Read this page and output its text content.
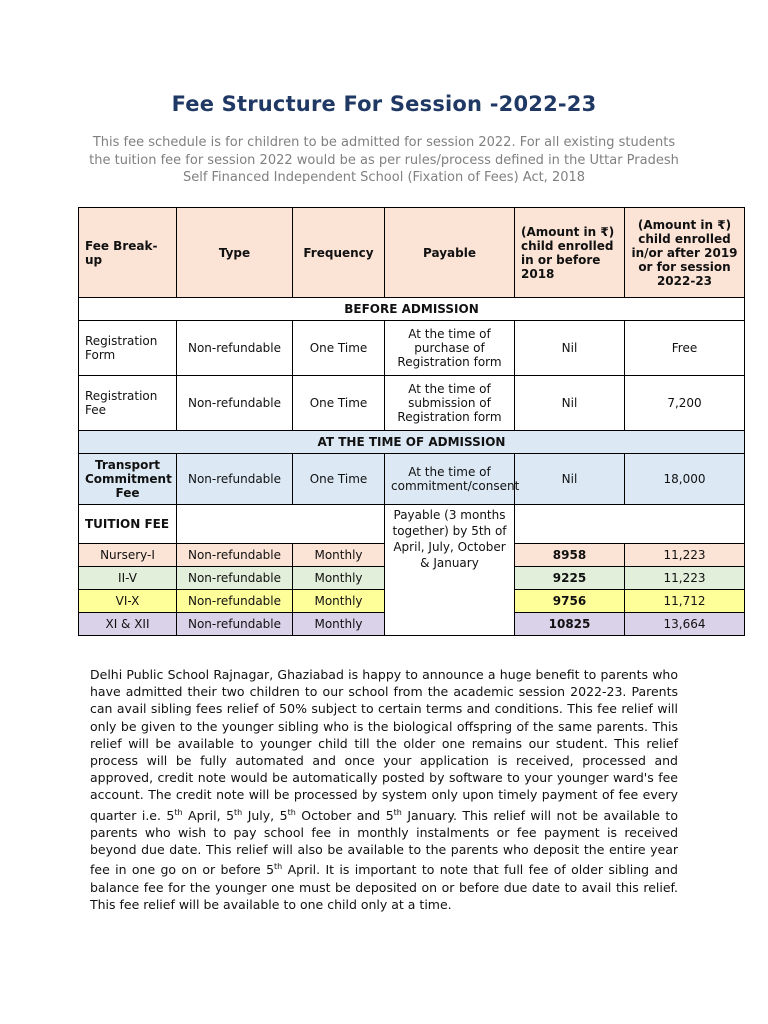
Fee Structure For Session -2022-23
This fee schedule is for children to be admitted for session 2022. For all existing students the tuition fee for session 2022 would be as per rules/process defined in the Uttar Pradesh Self Financed Independent School (Fixation of Fees) Act, 2018
Fee Break-up	Type	Frequency	Payable	(Amount in ₹) child enrolled in or before 2018	(Amount in ₹) child enrolled in/or after 2019 or for session 2022-23
BEFORE ADMISSION					
Registration Form	Non-refundable	One Time	At the time of purchase of Registration form	Nil	Free
Registration Fee	Non-refundable	One Time	At the time of submission of Registration form	Nil	7,200
AT THE TIME OF ADMISSION					
Transport Commitment Fee	Non-refundable	One Time	At the time of commitment/consent	Nil	18,000
TUITION FEE			Payable (3 months together) by 5th of April, July, October & January		
Nursery-I	Non-refundable	Monthly		8958	11,223
II-V	Non-refundable	Monthly		9225	11,223
VI-X	Non-refundable	Monthly		9756	11,712
XI & XII	Non-refundable	Monthly		10825	13,664
Delhi Public School Rajnagar, Ghaziabad is happy to announce a huge benefit to parents who have admitted their two children to our school from the academic session 2022-23. Parents can avail sibling fees relief of 50% subject to certain terms and conditions. This fee relief will only be given to the younger sibling who is the biological offspring of the same parents. This relief will be available to younger child till the older one remains our student. This relief process will be fully automated and once your application is received, processed and approved, credit note would be automatically posted by software to your younger ward's fee account. The credit note will be processed by system only upon timely payment of fee every quarter i.e. 5th April, 5th July, 5th October and 5th January. This relief will not be available to parents who wish to pay school fee in monthly instalments or fee payment is received beyond due date. This relief will also be available to the parents who deposit the entire year fee in one go on or before 5th April. It is important to note that full fee of older sibling and balance fee for the younger one must be deposited on or before due date to avail this relief. This fee relief will be available to one child only at a time.
